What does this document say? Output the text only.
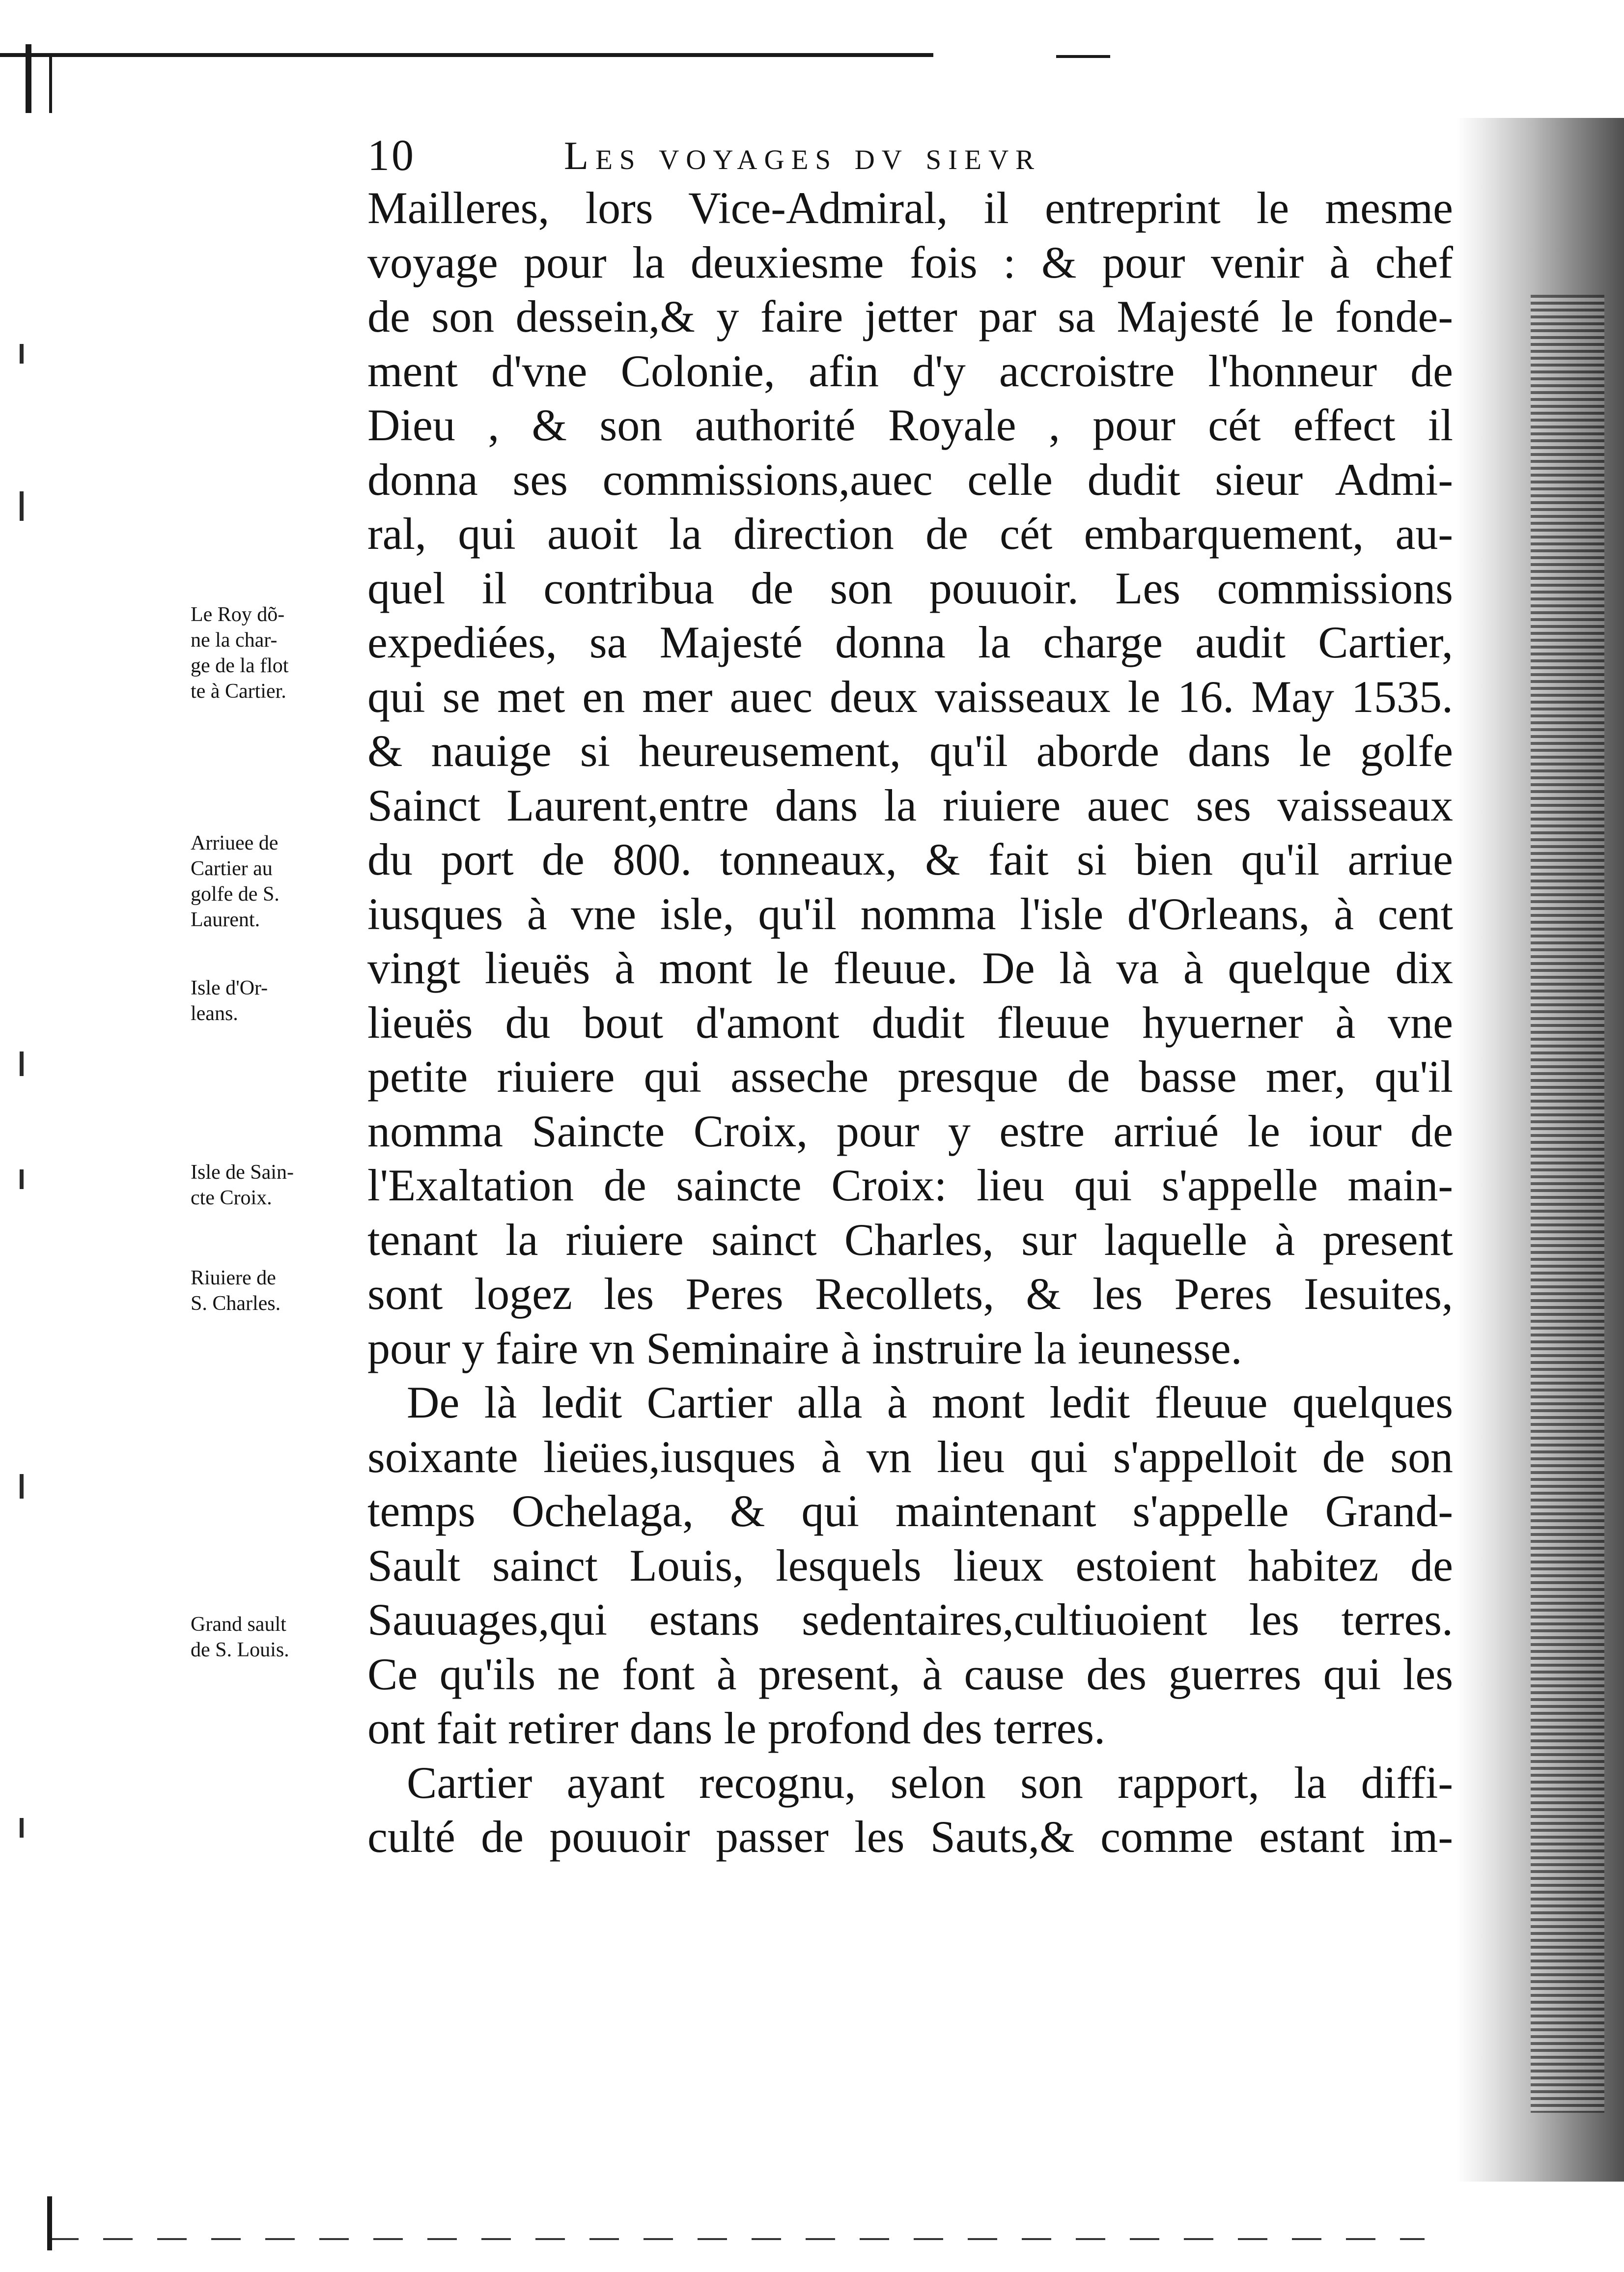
10	Les voyages dv sievr
Le Roy dõ-
ne la char-
ge de la flot
te à Cartier.
Arriuee de
Cartier au
golfe de S.
Laurent.
Isle d'Or-
leans.
Isle de Sain-
cte Croix.
Riuiere de
S. Charles.
Grand sault
de S. Louis.
Mailleres, lors Vice-Admiral, il entreprint le mesme
voyage pour la deuxiesme fois : & pour venir à chef
de son dessein,& y faire jetter par sa Majesté le fonde-
ment d'vne Colonie, afin d'y accroistre l'honneur de
Dieu , & son authorité Royale , pour cét effect il
donna ses commissions,auec celle dudit sieur Admi-
ral, qui auoit la direction de cét embarquement, au-
quel il contribua de son pouuoir. Les commissions
expediées, sa Majesté donna la charge audit Cartier,
qui se met en mer auec deux vaisseaux le 16. May 1535.
& nauige si heureusement, qu'il aborde dans le golfe
Sainct Laurent,entre dans la riuiere auec ses vaisseaux
du port de 800. tonneaux, & fait si bien qu'il arriue
iusques à vne isle, qu'il nomma l'isle d'Orleans, à cent
vingt lieuës à mont le fleuue. De là va à quelque dix
lieuës du bout d'amont dudit fleuue hyuerner à vne
petite riuiere qui asseche presque de basse mer, qu'il
nomma Saincte Croix, pour y estre arriué le iour de
l'Exaltation de saincte Croix: lieu qui s'appelle main-
tenant la riuiere sainct Charles, sur laquelle à present
sont logez les Peres Recollets, & les Peres Iesuites,
pour y faire vn Seminaire à instruire la ieunesse.
De là ledit Cartier alla à mont ledit fleuue quelques
soixante lieües,iusques à vn lieu qui s'appelloit de son
temps Ochelaga, & qui maintenant s'appelle Grand-
Sault sainct Louis, lesquels lieux estoient habitez de
Sauuages,qui estans sedentaires,cultiuoient les terres.
Ce qu'ils ne font à present, à cause des guerres qui les
ont fait retirer dans le profond des terres.
Cartier ayant recognu, selon son rapport, la diffi-
culté de pouuoir passer les Sauts,& comme estant im-
